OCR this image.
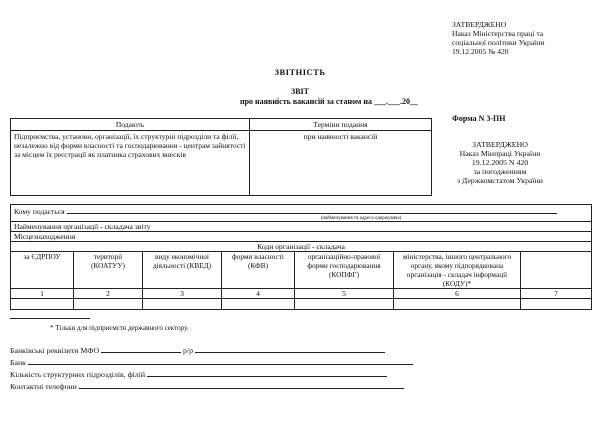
ЗАТВЕРДЖЕНО
Наказ Міністерства праці та
соціальної політики України
19.12.2005 № 420
ЗВІТНІСТЬ
ЗВІТ
про наявність вакансій за станом на ___.___.20__
Форма N 3-ПН
ЗАТВЕРДЖЕНО
Наказ Мінпраці України
19.12.2005 N 420
за погодженням
з Держкомстатом України
Подають	Терміни подання
Підприємства, установи, організації, їх структурні підрозділи та філії, незалежно від форми власності та господарювання - центрам зайнятості за місцем їх реєстрації як платника страхових внесків	при наявності вакансій
Кому подається
(найменування та адреса одержувача)						

Найменування організації - складача звіту						
Місцезнаходження						
Коди організації - складача						
за ЄДРПОУ	території (КОАТУУ)	виду економічної діяльності (КВЕД)	форми власності (КФВ)	організаційно-правової форми господарювання (КОПФГ)	міністерства, іншого центрального органу, якому підпорядкована організація - складач інформації (КОДУ)*	
1	2	3	4	5	6	7

* Тільки для підприємств державного сектору.
Банківські реквізити МФО	р/р
Банк
Кількість структурних підрозділів, філій
Контактні телефони
